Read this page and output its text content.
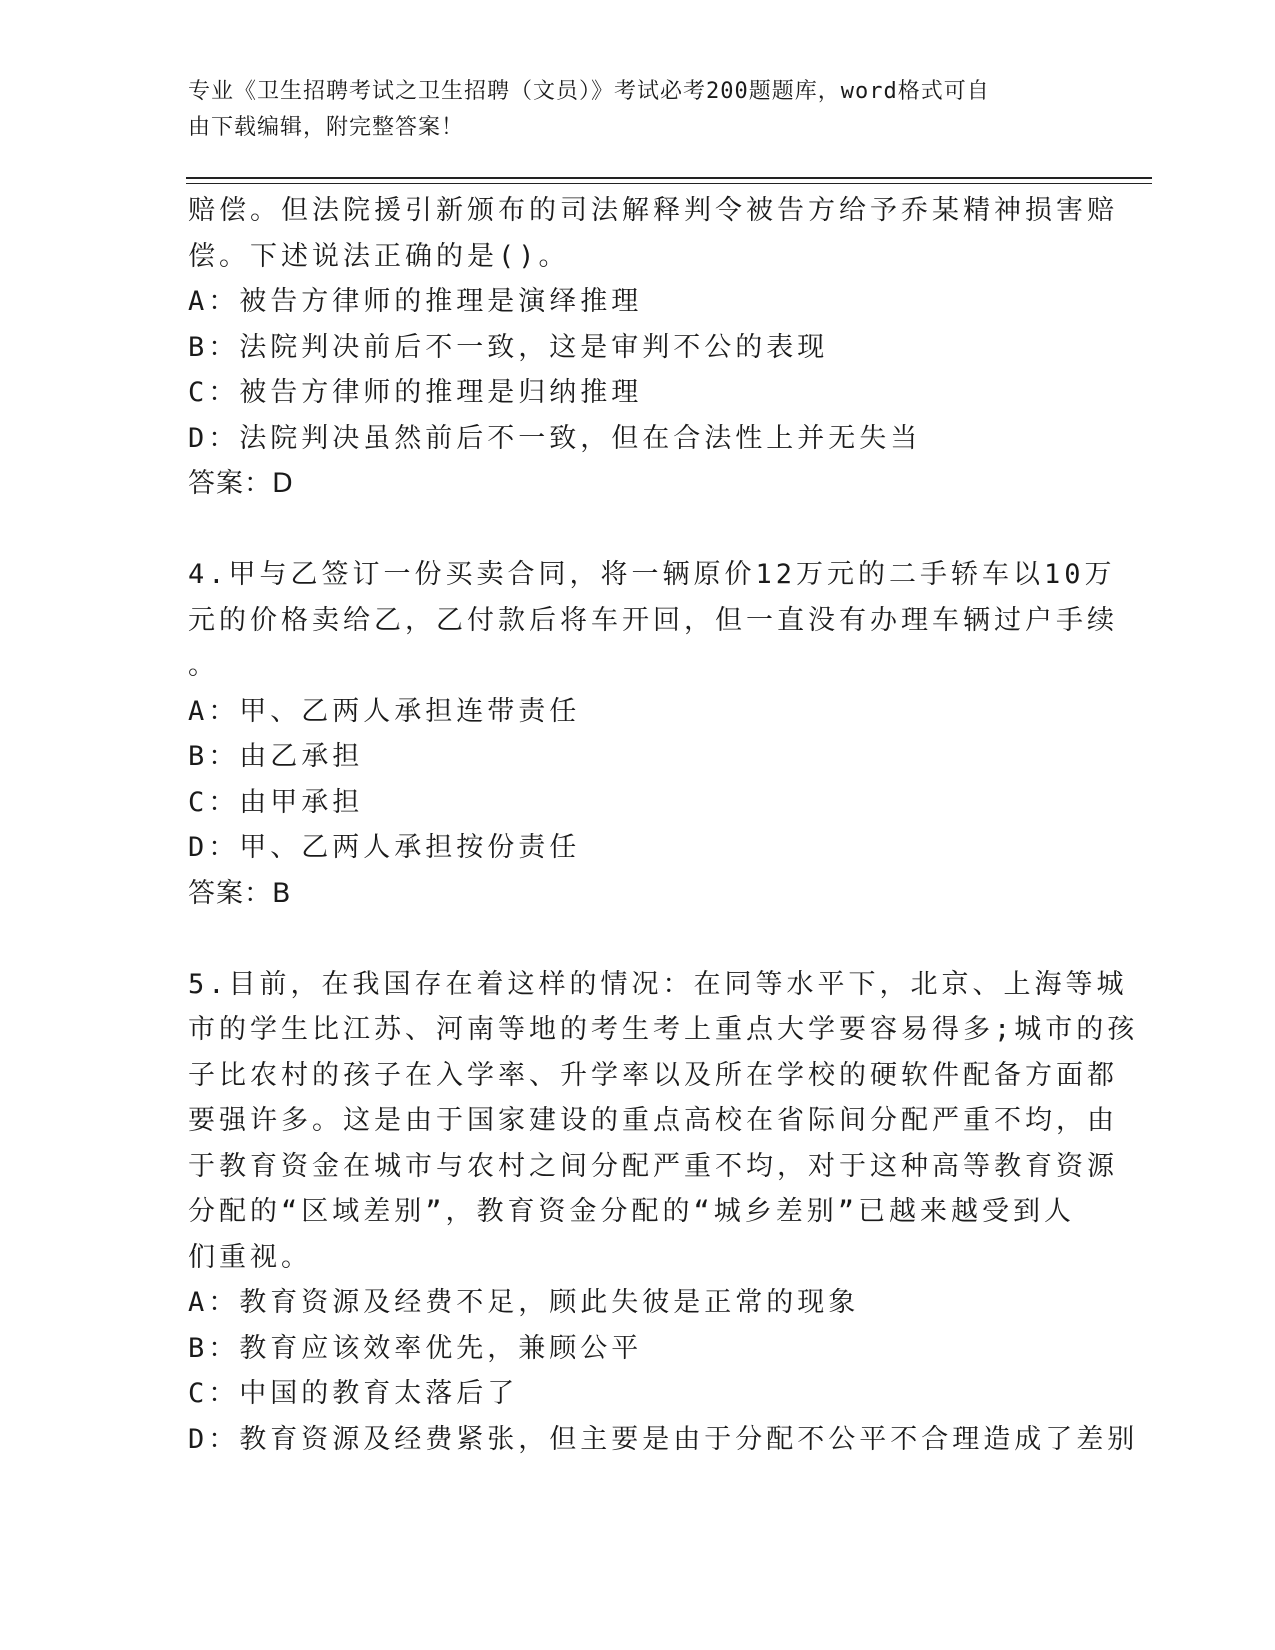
专业《卫生招聘考试之卫生招聘（文员）》考试必考200题题库，word格式可自
由下载编辑，附完整答案！
赔偿。但法院援引新颁布的司法解释判令被告方给予乔某精神损害赔
偿。下述说法正确的是()。
A：被告方律师的推理是演绎推理
B：法院判决前后不一致，这是审判不公的表现
C：被告方律师的推理是归纳推理
D：法院判决虽然前后不一致，但在合法性上并无失当
答案：D
4.甲与乙签订一份买卖合同，将一辆原价12万元的二手轿车以10万
元的价格卖给乙，乙付款后将车开回，但一直没有办理车辆过户手续
。
A：甲、乙两人承担连带责任
B：由乙承担
C：由甲承担
D：甲、乙两人承担按份责任
答案：B
5.目前，在我国存在着这样的情况：在同等水平下，北京、上海等城
市的学生比江苏、河南等地的考生考上重点大学要容易得多;城市的孩
子比农村的孩子在入学率、升学率以及所在学校的硬软件配备方面都
要强许多。这是由于国家建设的重点高校在省际间分配严重不均，由
于教育资金在城市与农村之间分配严重不均，对于这种高等教育资源
分配的“区域差别”，教育资金分配的“城乡差别”已越来越受到人
们重视。
A：教育资源及经费不足，顾此失彼是正常的现象
B：教育应该效率优先，兼顾公平
C：中国的教育太落后了
D：教育资源及经费紧张，但主要是由于分配不公平不合理造成了差别
